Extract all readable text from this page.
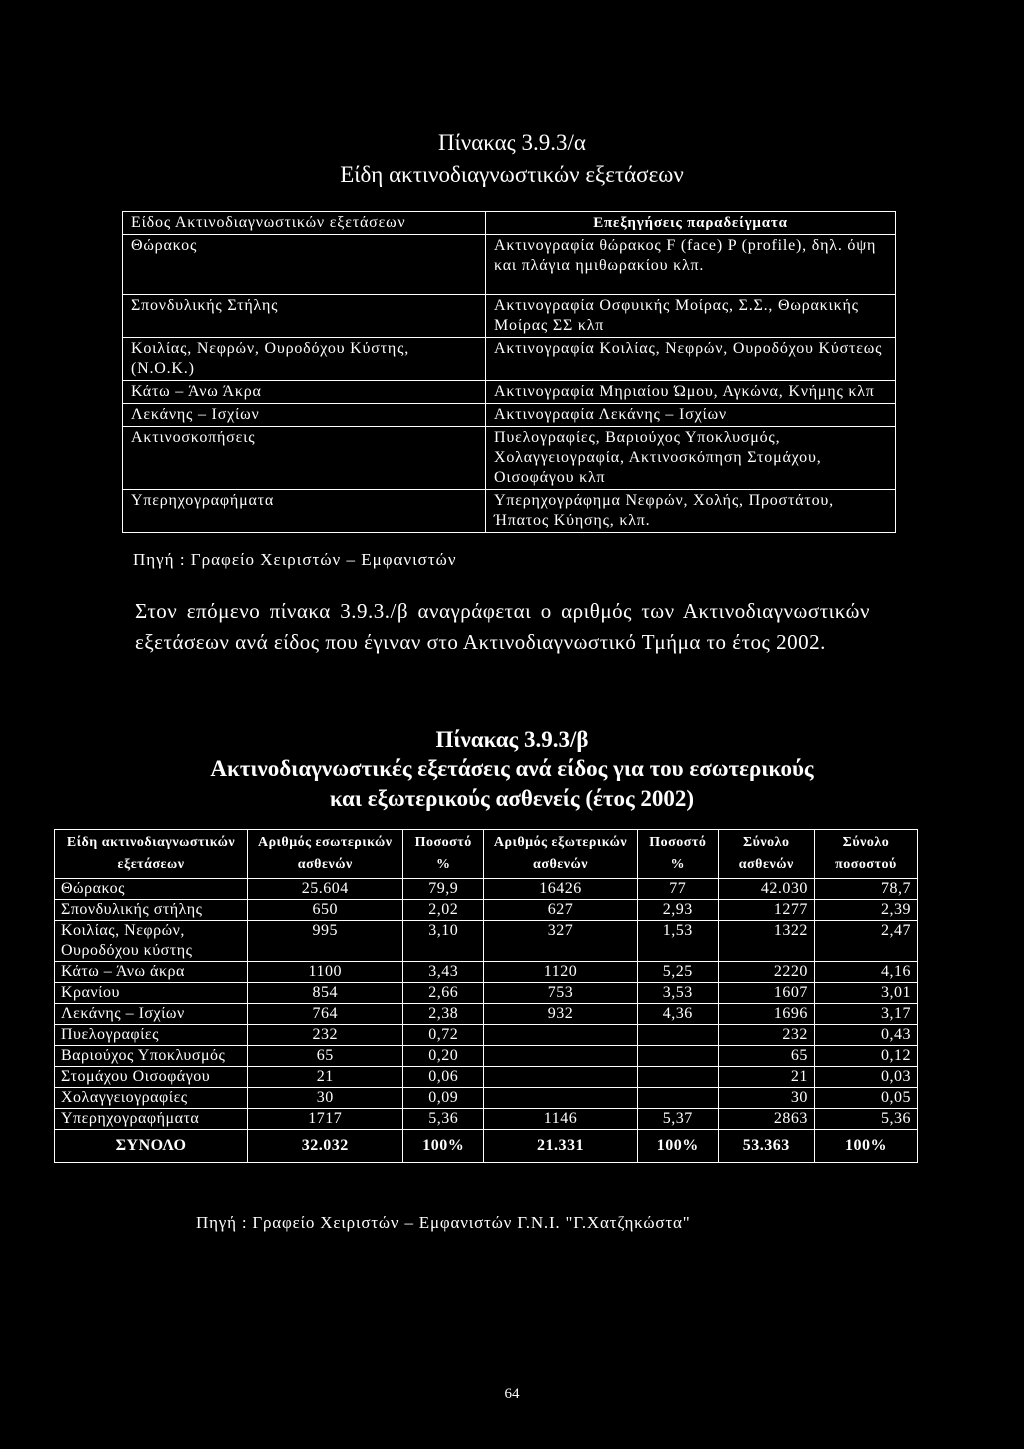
Πίνακας 3.9.3/α
Είδη ακτινοδιαγνωστικών εξετάσεων
Είδος Ακτινοδιαγνωστικών εξετάσεων	Επεξηγήσεις παραδείγματα
Θώρακος	Ακτινογραφία θώρακος F (face) P (profile), δηλ. όψη και πλάγια ημιθωρακίου κλπ.
Σπονδυλικής Στήλης	Ακτινογραφία Οσφυικής Μοίρας, Σ.Σ., Θωρακικής Μοίρας ΣΣ κλπ
Κοιλίας, Νεφρών, Ουροδόχου Κύστης, (Ν.Ο.Κ.)	Ακτινογραφία Κοιλίας, Νεφρών, Ουροδόχου Κύστεως
Κάτω – Άνω Άκρα	Ακτινογραφία Μηριαίου Ώμου, Αγκώνα, Κνήμης κλπ
Λεκάνης – Ισχίων	Ακτινογραφία Λεκάνης – Ισχίων
Ακτινοσκοπήσεις	Πυελογραφίες, Βαριούχος Υποκλυσμός, Χολαγγειογραφία, Ακτινοσκόπηση Στομάχου, Οισοφάγου κλπ
Υπερηχογραφήματα	Υπερηχογράφημα Νεφρών, Χολής, Προστάτου, Ήπατος Κύησης, κλπ.
Πηγή : Γραφείο Χειριστών – Εμφανιστών
Στον επόμενο πίνακα 3.9.3./β αναγράφεται ο αριθμός των Ακτινοδιαγνωστικών εξετάσεων ανά είδος που έγιναν στο Ακτινοδιαγνωστικό Τμήμα το έτος 2002.
Πίνακας 3.9.3/β
Ακτινοδιαγνωστικές εξετάσεις ανά είδος για του εσωτερικούς
και εξωτερικούς ασθενείς (έτος 2002)
Είδη ακτινοδιαγνωστικών εξετάσεων	Αριθμός εσωτερικών ασθενών	Ποσοστό %	Αριθμός εξωτερικών ασθενών	Ποσοστό %	Σύνολο ασθενών	Σύνολο ποσοστού
Θώρακος	25.604	79,9	16426	77	42.030	78,7
Σπονδυλικής στήλης	650	2,02	627	2,93	1277	2,39
Κοιλίας, Νεφρών, Ουροδόχου κύστης	995	3,10	327	1,53	1322	2,47
Κάτω – Άνω άκρα	1100	3,43	1120	5,25	2220	4,16
Κρανίου	854	2,66	753	3,53	1607	3,01
Λεκάνης – Ισχίων	764	2,38	932	4,36	1696	3,17
Πυελογραφίες	232	0,72			232	0,43
Βαριούχος Υποκλυσμός	65	0,20			65	0,12
Στομάχου Οισοφάγου	21	0,06			21	0,03
Χολαγγειογραφίες	30	0,09			30	0,05
Υπερηχογραφήματα	1717	5,36	1146	5,37	2863	5,36
ΣΥΝΟΛΟ	32.032	100%	21.331	100%	53.363	100%
Πηγή : Γραφείο Χειριστών – Εμφανιστών Γ.Ν.Ι. "Γ.Χατζηκώστα"
64
